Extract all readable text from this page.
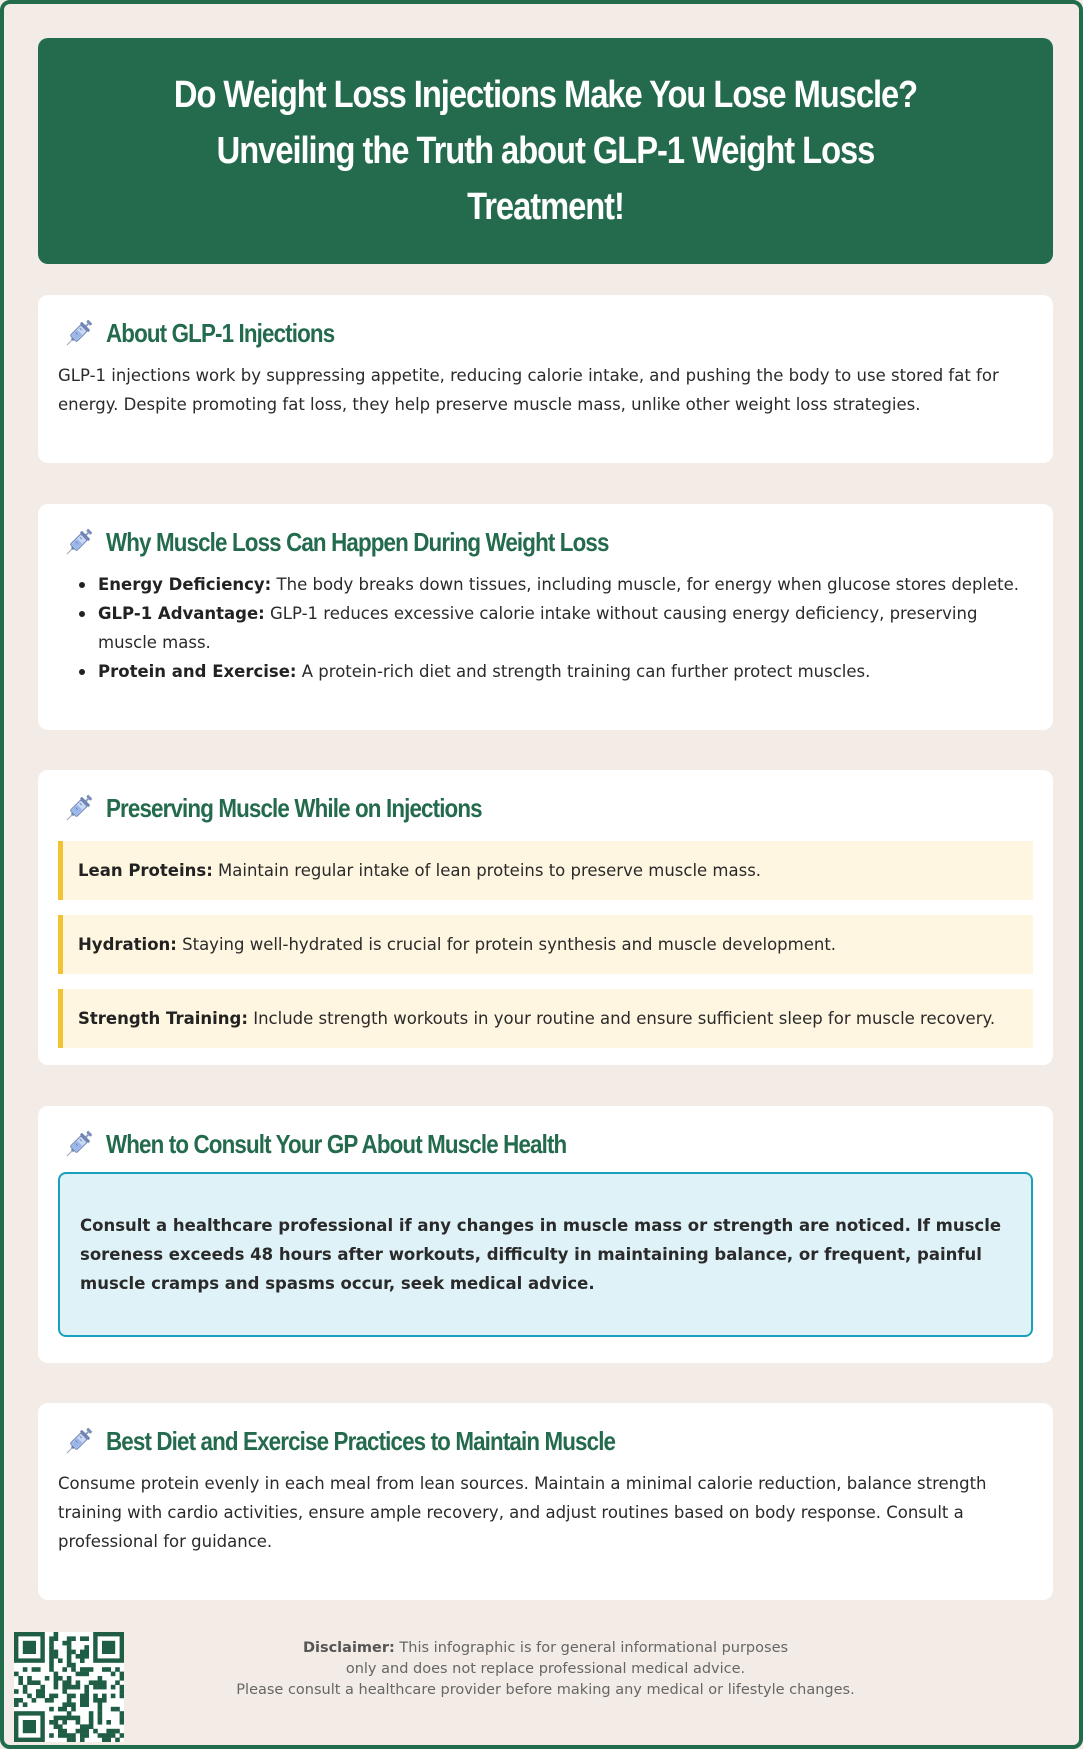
Do Weight Loss Injections Make You Lose Muscle? Unveiling the Truth about GLP-1 Weight Loss Treatment!
About GLP-1 Injections

GLP-1 injections work by suppressing appetite, reducing calorie intake, and pushing the body to use stored fat for energy. Despite promoting fat loss, they help preserve muscle mass, unlike other weight loss strategies.

Why Muscle Loss Can Happen During Weight Loss
Energy Deficiency: The body breaks down tissues, including muscle, for energy when glucose stores deplete.
GLP-1 Advantage: GLP-1 reduces excessive calorie intake without causing energy deficiency, preserving muscle mass.
Protein and Exercise: A protein-rich diet and strength training can further protect muscles.
Preserving Muscle While on Injections
Lean Proteins: Maintain regular intake of lean proteins to preserve muscle mass.
Hydration: Staying well-hydrated is crucial for protein synthesis and muscle development.
Strength Training: Include strength workouts in your routine and ensure sufficient sleep for muscle recovery.
When to Consult Your GP About Muscle Health

Consult a healthcare professional if any changes in muscle mass or strength are noticed. If muscle soreness exceeds 48 hours after workouts, difficulty in maintaining balance, or frequent, painful muscle cramps and spasms occur, seek medical advice.

Best Diet and Exercise Practices to Maintain Muscle

Consume protein evenly in each meal from lean sources. Maintain a minimal calorie reduction, balance strength training with cardio activities, ensure ample recovery, and adjust routines based on body response. Consult a professional for guidance.

Disclaimer: This infographic is for general informational purposes
only and does not replace professional medical advice.
Please consult a healthcare provider before making any medical or lifestyle changes.
